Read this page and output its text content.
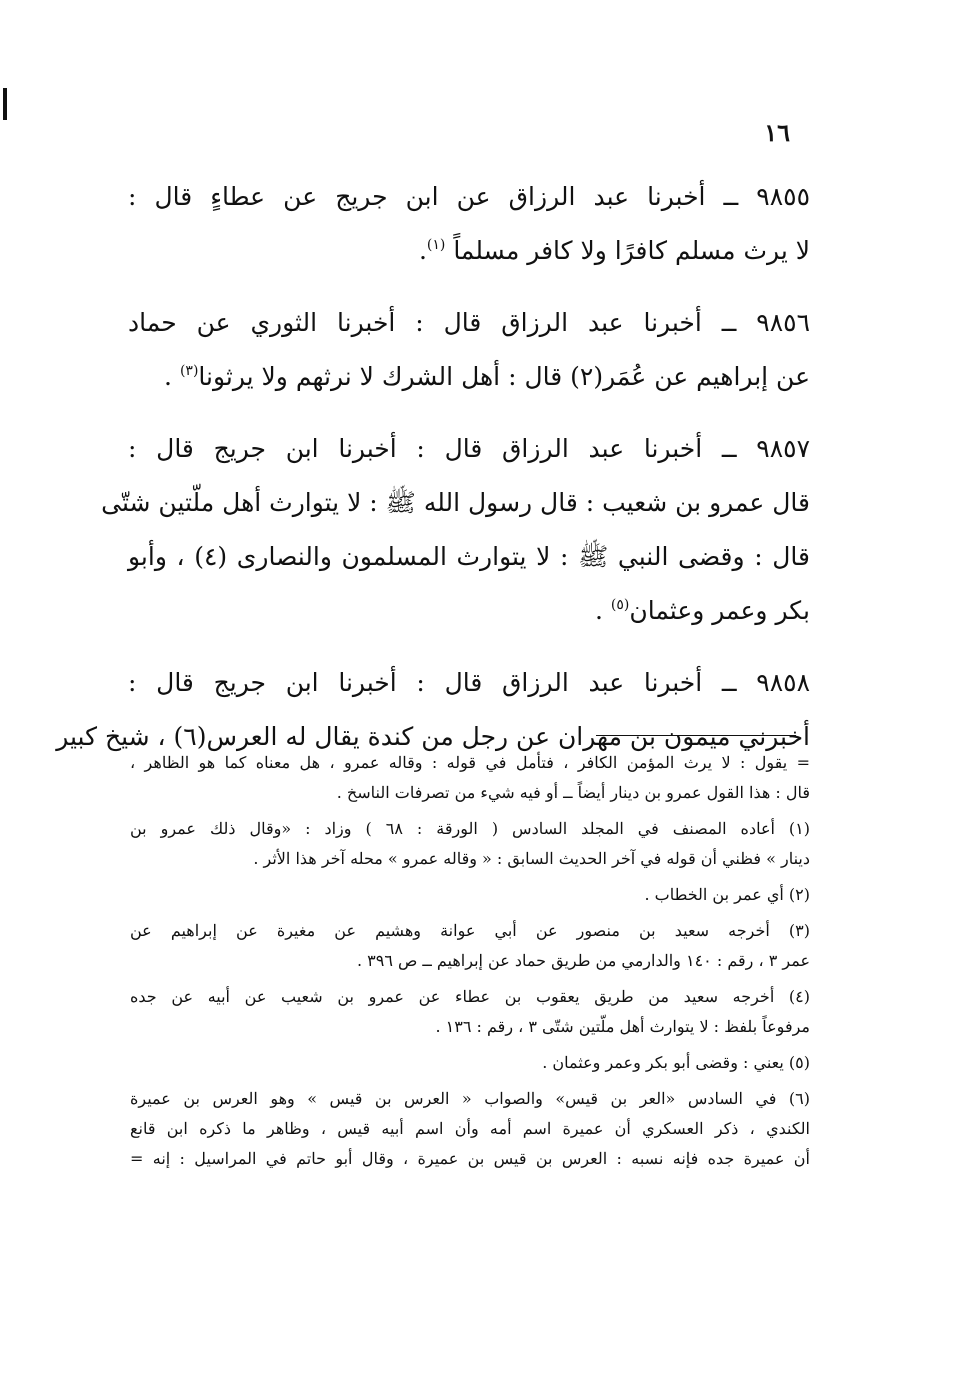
١٦
٩٨٥٥ ــ أخبرنا عبد الرزاق عن ابن جريج عن عطاءٍ قال :
لا يرث مسلم كافرًا ولا كافر مسلماً $^{(١)}$.
٩٨٥٦ ــ أخبرنا عبد الرزاق قال : أخبرنا الثوري عن حماد
عن إبراهيم عن عُمَر(٢) قال : أهل الشرك لا نرثهم ولا يرثونا$^{(٣)}$ .
٩٨٥٧ ــ أخبرنا عبد الرزاق قال : أخبرنا ابن جريج قال :
قال عمرو بن شعيب : قال رسول الله ﷺ : لا يتوارث أهل ملّتين شتّى
قال : وقضى النبي ﷺ : لا يتوارث المسلمون والنصارى (٤) ، وأبو
بكر وعمر وعثمان$^{(٥)}$ .
٩٨٥٨ ــ أخبرنا عبد الرزاق قال : أخبرنا ابن جريج قال :
أخبرني ميمون بن مهران عن رجل من كندة يقال له العرس(٦) ، شيخ كبير
= يقول : لا يرث المؤمن الكافر ، فتأمل في قوله : وقاله عمرو ، هل معناه كما هو الظاهر ،
قال : هذا القول عمرو بن دينار أيضاً ــ أو فيه شيء من تصرفات الناسخ .
(١) أعاده المصنف في المجلد السادس ( الورقة : ٦٨ ) وزاد : «وقال ذلك عمرو بن
دينار » فظني أن قوله في آخر الحديث السابق : « وقاله عمرو » محله آخر هذا الأثر .
(٢) أي عمر بن الخطاب .
(٣) أخرجه سعيد بن منصور عن أبي عوانة وهشيم عن مغيرة عن إبراهيم عن
عمر ٣ ، رقم : ١٤٠ والدارمي من طريق حماد عن إبراهيم ــ ص ٣٩٦ .
(٤) أخرجه سعيد من طريق يعقوب بن عطاء عن عمرو بن شعيب عن أبيه عن جده
مرفوعاً بلفظ : لا يتوارث أهل ملّتين شتّى ٣ ، رقم : ١٣٦ .
(٥) يعني : وقضى أبو بكر وعمر وعثمان .
(٦) في السادس «العر بن قيس» والصواب « العرس بن قيس » وهو العرس بن عميرة
الكندي ، ذكر العسكري أن عميرة اسم أمه وأن اسم أبيه قيس ، وظاهر ما ذكره ابن قانع
أن عميرة جده فإنه نسبه : العرس بن قيس بن عميرة ، وقال أبو حاتم في المراسيل : إنه =
